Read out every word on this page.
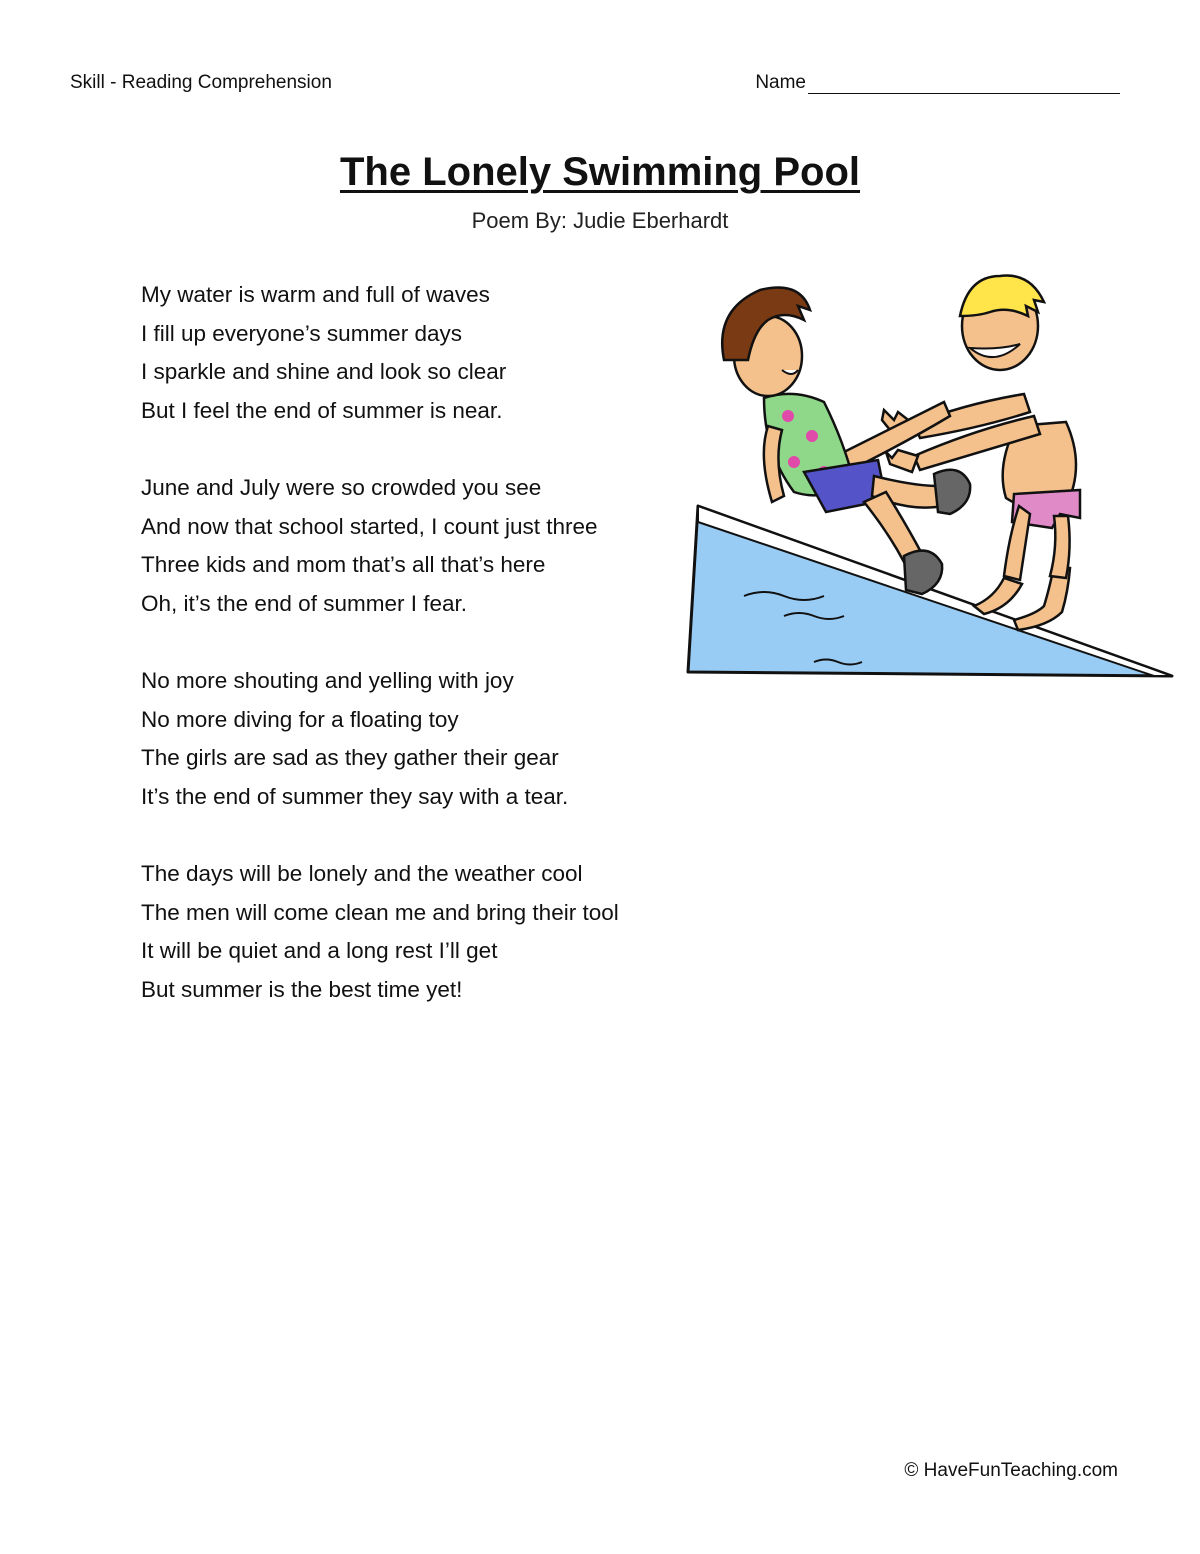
Skill - Reading Comprehension	Name
The Lonely Swimming Pool
Poem By: Judie Eberhardt
My water is warm and full of waves
I fill up everyone’s summer days
I sparkle and shine and look so clear
But I feel the end of summer is near.
June and July were so crowded you see
And now that school started, I count just three
Three kids and mom that’s all that’s here
Oh, it’s the end of summer I fear.
No more shouting and yelling with joy
No more diving for a floating toy
The girls are sad as they gather their gear
It’s the end of summer they say with a tear.
The days will be lonely and the weather cool
The men will come clean me and bring their tool
It will be quiet and a long rest I’ll get
But summer is the best time yet!
© HaveFunTeaching.com
